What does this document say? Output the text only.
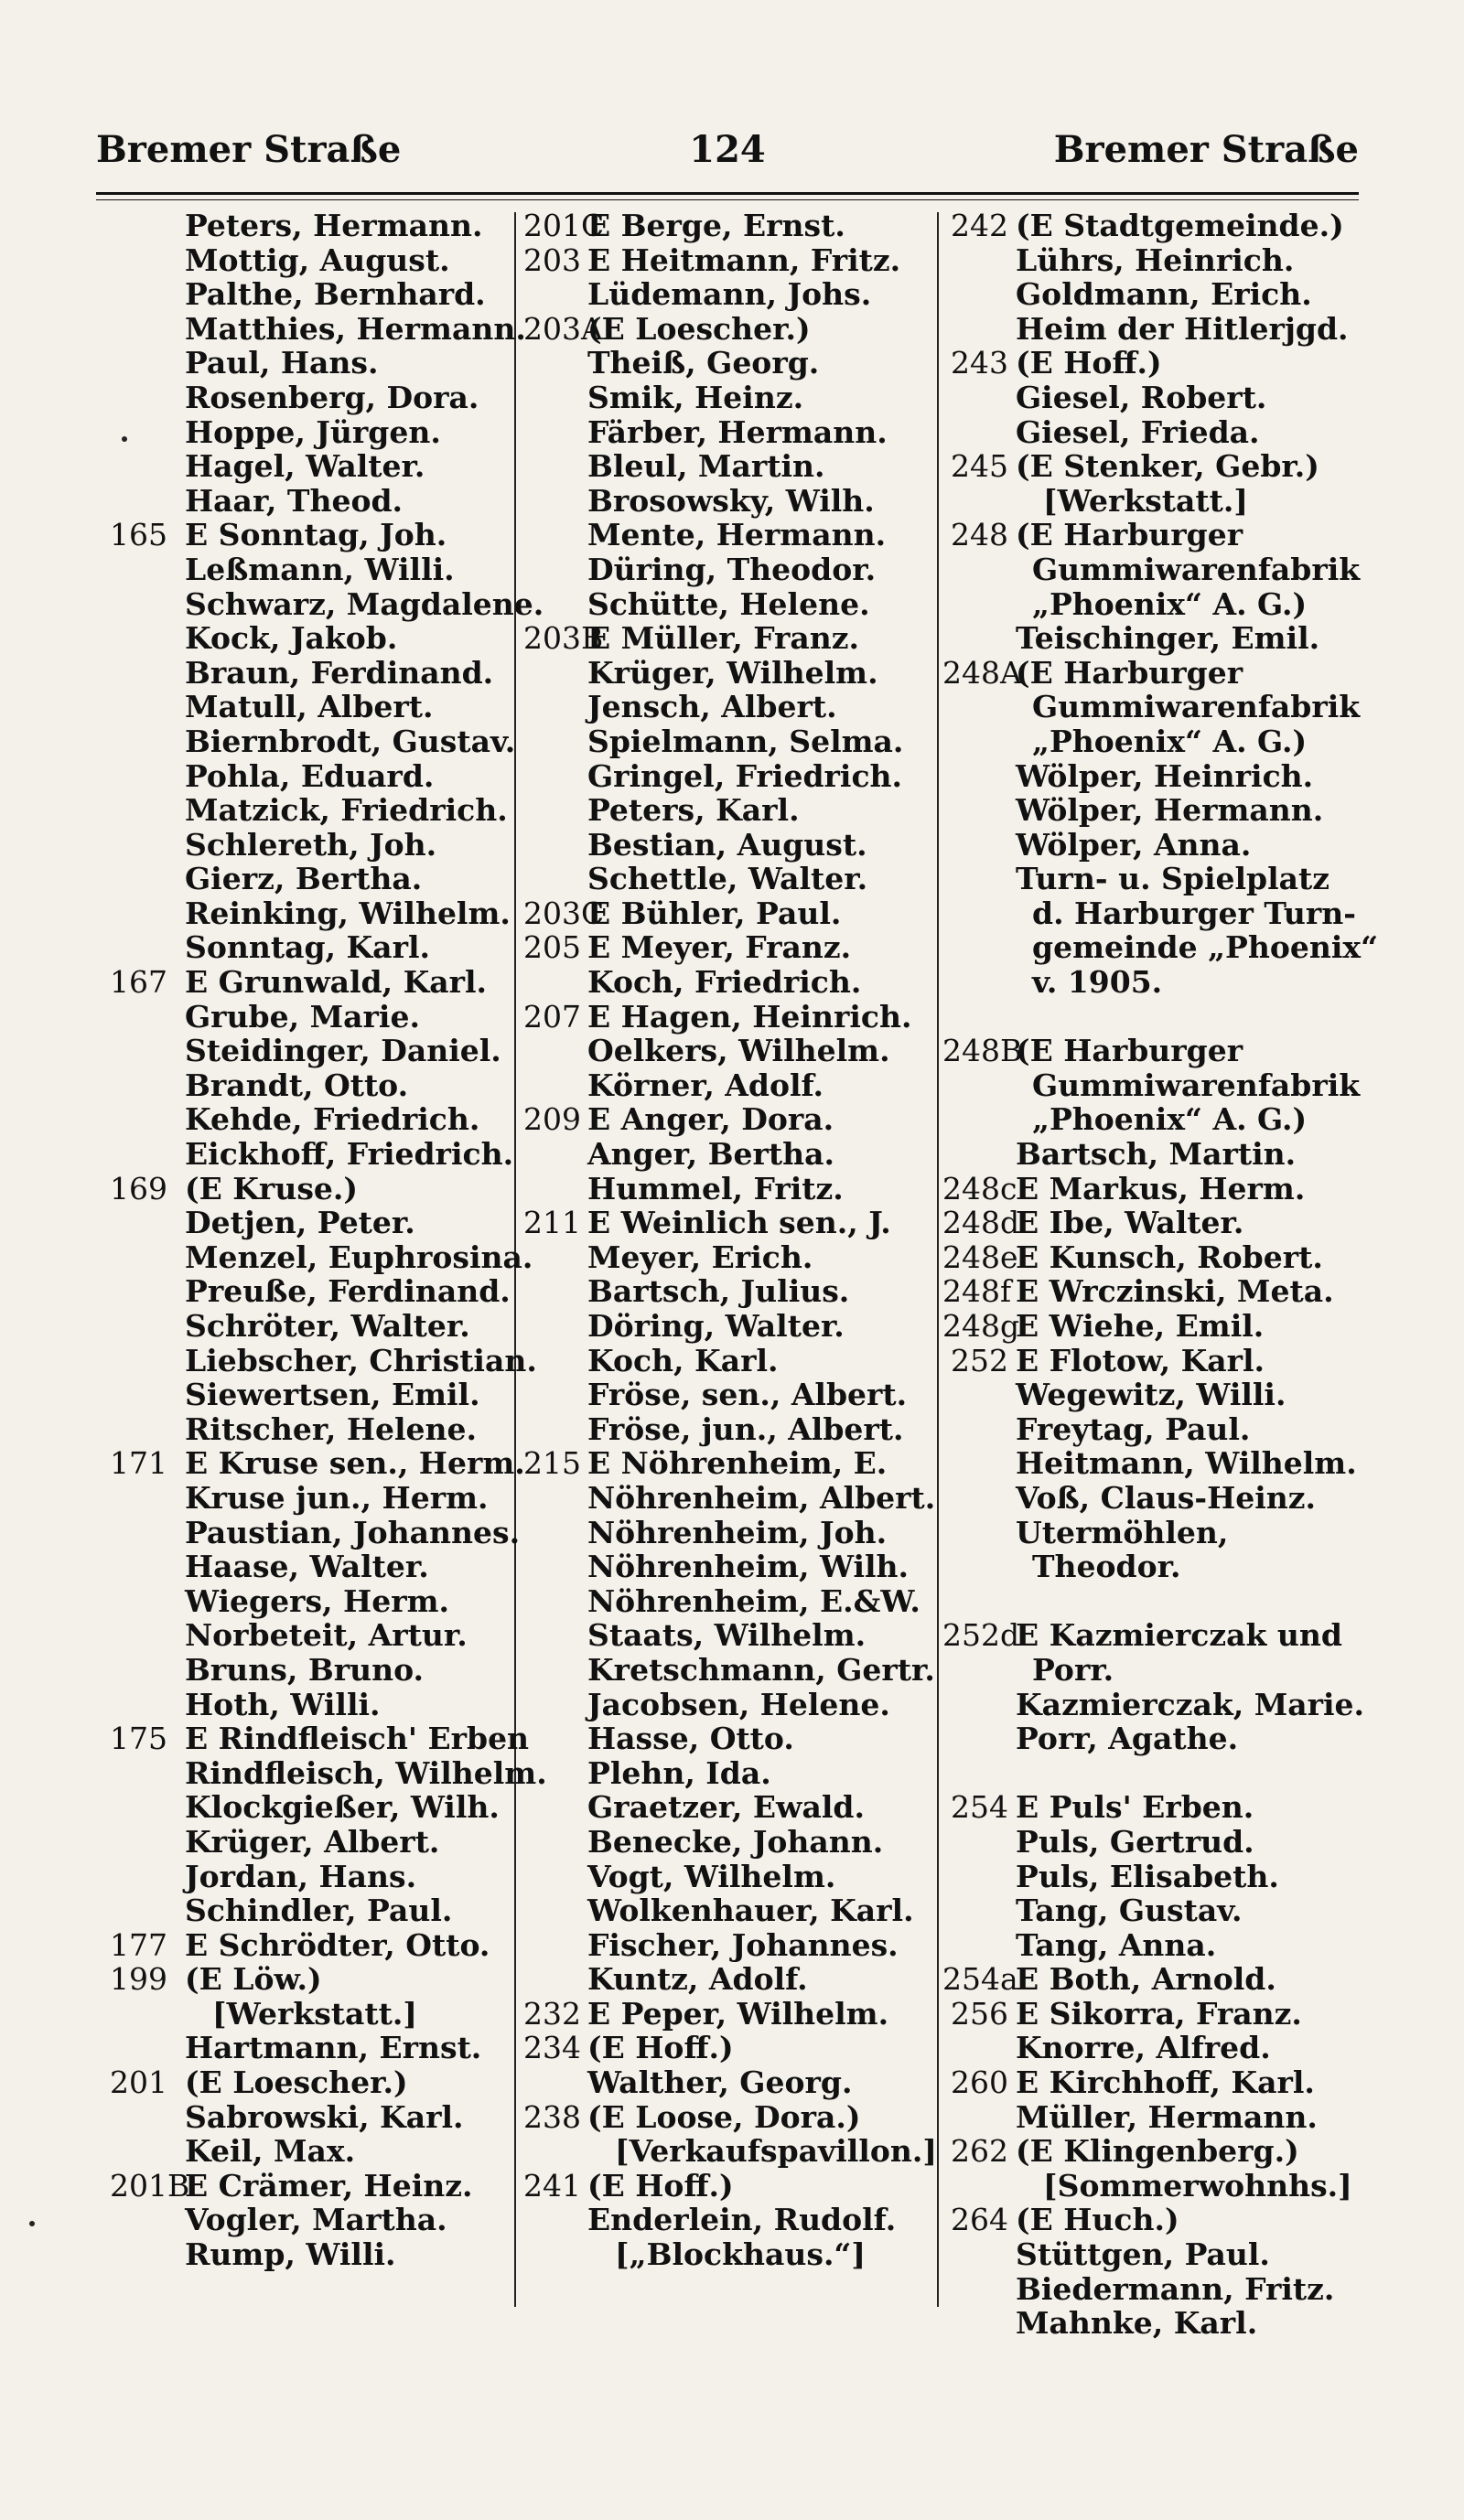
Bremer Straße	124	Bremer Straße
Peters, Hermann.
Mottig, August.
Palthe, Bernhard.
Matthies, Hermann.
Paul, Hans.
Rosenberg, Dora.
Hoppe, Jürgen.
Hagel, Walter.
Haar, Theod.
165 E Sonntag, Joh.
Leßmann, Willi.
Schwarz, Magdalene.
Kock, Jakob.
Braun, Ferdinand.
Matull, Albert.
Biernbrodt, Gustav.
Pohla, Eduard.
Matzick, Friedrich.
Schlereth, Joh.
Gierz, Bertha.
Reinking, Wilhelm.
Sonntag, Karl.
167 E Grunwald, Karl.
Grube, Marie.
Steidinger, Daniel.
Brandt, Otto.
Kehde, Friedrich.
Eickhoff, Friedrich.
169 (E Kruse.)
Detjen, Peter.
Menzel, Euphrosina.
Preuße, Ferdinand.
Schröter, Walter.
Liebscher, Christian.
Siewertsen, Emil.
Ritscher, Helene.
171 E Kruse sen., Herm.
Kruse jun., Herm.
Paustian, Johannes.
Haase, Walter.
Wiegers, Herm.
Norbeteit, Artur.
Bruns, Bruno.
Hoth, Willi.
175 E Rindfleisch' Erben
Rindfleisch, Wilhelm.
Klockgießer, Wilh.
Krüger, Albert.
Jordan, Hans.
Schindler, Paul.
177 E Schrödter, Otto.
199 (E Löw.)
[Werkstatt.]
Hartmann, Ernst.
201 (E Loescher.)
Sabrowski, Karl.
Keil, Max.
201B
E Crämer, Heinz.
Vogler, Martha.
Rump, Willi.
201C
E Berge, Ernst.
203 E Heitmann, Fritz.
Lüdemann, Johs.
203A
(E Loescher.)
Theiß, Georg.
Smik, Heinz.
Färber, Hermann.
Bleul, Martin.
Brosowsky, Wilh.
Mente, Hermann.
Düring, Theodor.
Schütte, Helene.
203B
E Müller, Franz.
Krüger, Wilhelm.
Jensch, Albert.
Spielmann, Selma.
Gringel, Friedrich.
Peters, Karl.
Bestian, August.
Schettle, Walter.
203C
E Bühler, Paul.
205 E Meyer, Franz.
Koch, Friedrich.
207 E Hagen, Heinrich.
Oelkers, Wilhelm.
Körner, Adolf.
209 E Anger, Dora.
Anger, Bertha.
Hummel, Fritz.
211 E Weinlich sen., J.
Meyer, Erich.
Bartsch, Julius.
Döring, Walter.
Koch, Karl.
Fröse, sen., Albert.
Fröse, jun., Albert.
215 E Nöhrenheim, E.
Nöhrenheim, Albert.
Nöhrenheim, Joh.
Nöhrenheim, Wilh.
Nöhrenheim, E.&W.
Staats, Wilhelm.
Kretschmann, Gertr.
Jacobsen, Helene.
Hasse, Otto.
Plehn, Ida.
Graetzer, Ewald.
Benecke, Johann.
Vogt, Wilhelm.
Wolkenhauer, Karl.
Fischer, Johannes.
Kuntz, Adolf.
232 E Peper, Wilhelm.
234 (E Hoff.)
Walther, Georg.
238 (E Loose, Dora.)
[Verkaufspavillon.]
241 (E Hoff.)
Enderlein, Rudolf.
[„Blockhaus.“]
242 (E Stadtgemeinde.)
Lührs, Heinrich.
Goldmann, Erich.
Heim der Hitlerjgd.
243 (E Hoff.)
Giesel, Robert.
Giesel, Frieda.
245 (E Stenker, Gebr.)
[Werkstatt.]
248 (E Harburger
Gummiwarenfabrik
„Phoenix“ A. G.)
Teischinger, Emil.
248A
(E Harburger
Gummiwarenfabrik
„Phoenix“ A. G.)
Wölper, Heinrich.
Wölper, Hermann.
Wölper, Anna.
Turn- u. Spielplatz
d. Harburger Turn-
gemeinde „Phoenix“
v. 1905.
248B
(E Harburger
Gummiwarenfabrik
„Phoenix“ A. G.)
Bartsch, Martin.
248c
E Markus, Herm.
248d
E Ibe, Walter.
248e
E Kunsch, Robert.
248f E Wrczinski, Meta.
248g
E Wiehe, Emil.
252 E Flotow, Karl.
Wegewitz, Willi.
Freytag, Paul.
Heitmann, Wilhelm.
Voß, Claus-Heinz.
Utermöhlen,
Theodor.
252d
E Kazmierczak und
Porr.
Kazmierczak, Marie.
Porr, Agathe.
254 E Puls' Erben.
Puls, Gertrud.
Puls, Elisabeth.
Tang, Gustav.
Tang, Anna.
254a
E Both, Arnold.
256 E Sikorra, Franz.
Knorre, Alfred.
260 E Kirchhoff, Karl.
Müller, Hermann.
262 (E Klingenberg.)
[Sommerwohnhs.]
264 (E Huch.)
Stüttgen, Paul.
Biedermann, Fritz.
Mahnke, Karl.
